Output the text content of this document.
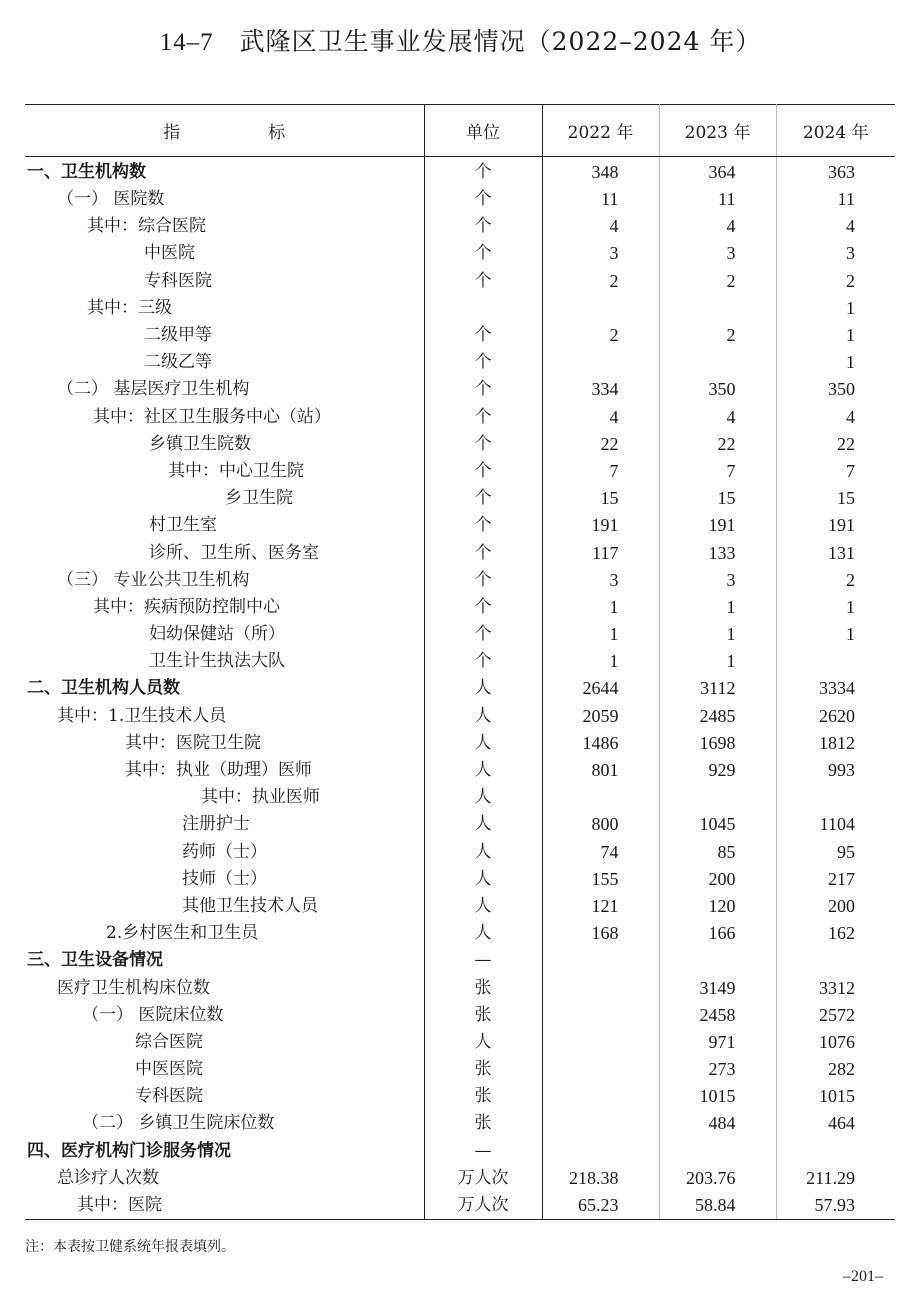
14–7 武隆区卫生事业发展情况（2022–2024 年）
指 标	单位	2022 年	2023 年	2024 年
一、卫生机构数	个	348	364	363
（一） 医院数	个	11	11	11
其中：综合医院	个	4	4	4
中医院	个	3	3	3
专科医院	个	2	2	2
其中：三级				1
二级甲等	个	2	2	1
二级乙等	个			1
（二） 基层医疗卫生机构	个	334	350	350
其中：社区卫生服务中心（站）	个	4	4	4
乡镇卫生院数	个	22	22	22
其中：中心卫生院	个	7	7	7
乡卫生院	个	15	15	15
村卫生室	个	191	191	191
诊所、卫生所、医务室	个	117	133	131
（三） 专业公共卫生机构	个	3	3	2
其中：疾病预防控制中心	个	1	1	1
妇幼保健站（所）	个	1	1	1
卫生计生执法大队	个	1	1	
二、卫生机构人员数	人	2644	3112	3334
其中：1.卫生技术人员	人	2059	2485	2620
其中：医院卫生院	人	1486	1698	1812
其中：执业（助理）医师	人	801	929	993
其中：执业医师	人			
注册护士	人	800	1045	1104
药师（士）	人	74	85	95
技师（士）	人	155	200	217
其他卫生技术人员	人	121	120	200
2.乡村医生和卫生员	人	168	166	162
三、卫生设备情况	—			
医疗卫生机构床位数	张		3149	3312
（一） 医院床位数	张		2458	2572
综合医院	人		971	1076
中医医院	张		273	282
专科医院	张		1015	1015
（二） 乡镇卫生院床位数	张		484	464
四、医疗机构门诊服务情况	—			
总诊疗人次数	万人次	218.38	203.76	211.29
其中：医院	万人次	65.23	58.84	57.93
注：本表按卫健系统年报表填列。
–201–
